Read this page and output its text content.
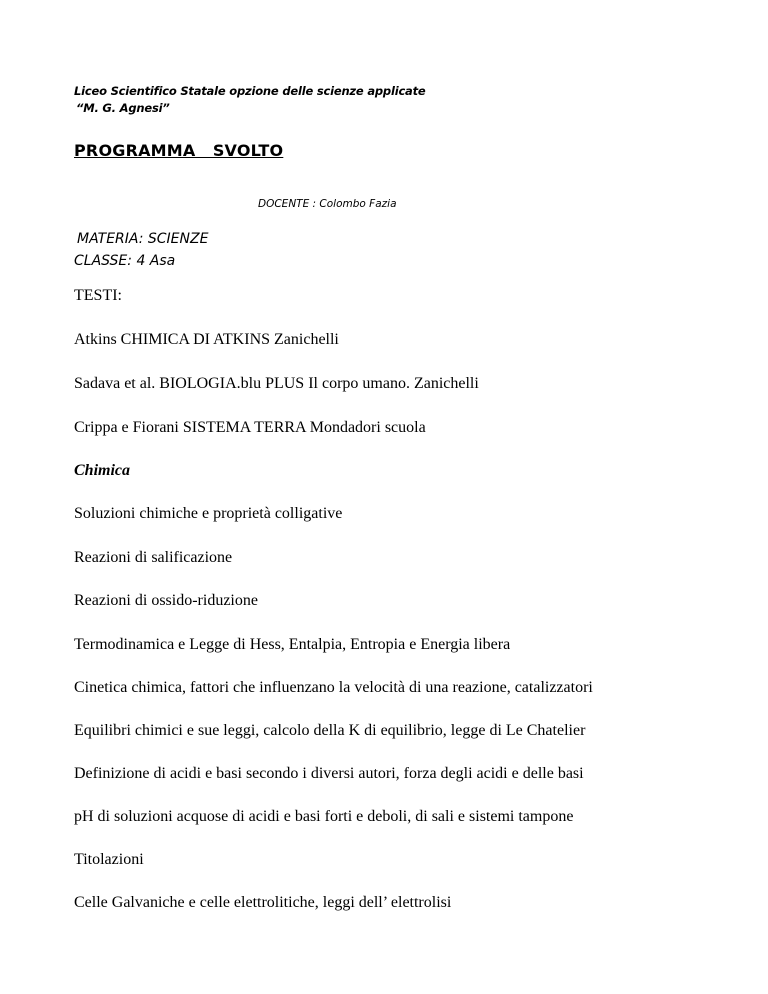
Liceo Scientifico Statale opzione delle scienze applicate
“M. G. Agnesi”
PROGRAMMA   SVOLTO
DOCENTE : Colombo Fazia
MATERIA: SCIENZE
CLASSE: 4 Asa
TESTI:
Atkins CHIMICA DI ATKINS Zanichelli
Sadava et al. BIOLOGIA.blu PLUS Il corpo umano. Zanichelli
Crippa e Fiorani SISTEMA TERRA Mondadori scuola
Chimica
Soluzioni chimiche e proprietà colligative
Reazioni di salificazione
Reazioni di ossido-riduzione
Termodinamica e Legge di Hess, Entalpia, Entropia e Energia libera
Cinetica chimica, fattori che influenzano la velocità di una reazione, catalizzatori
Equilibri chimici e sue leggi, calcolo della K di equilibrio, legge di Le Chatelier
Definizione di acidi e basi secondo i diversi autori, forza degli acidi e delle basi
pH di soluzioni acquose di acidi e basi forti e deboli, di sali e sistemi tampone
Titolazioni
Celle Galvaniche e celle elettrolitiche, leggi dell’ elettrolisi
